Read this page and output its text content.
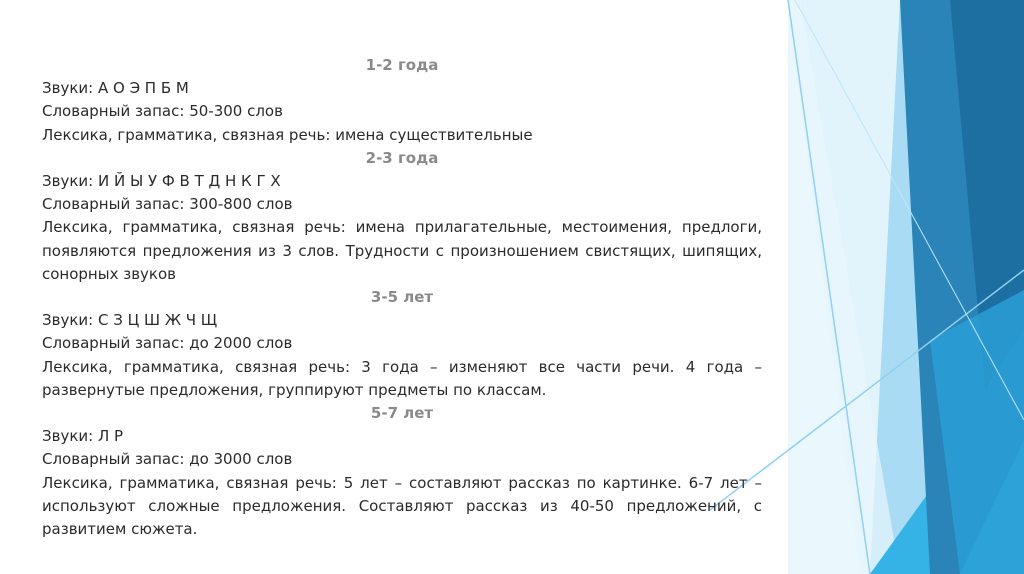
1-2 года
Звуки: А О Э П Б М
Словарный запас: 50-300 слов
Лексика, грамматика, связная речь: имена существительные
2-3 года
Звуки: И Й Ы У Ф В Т Д Н К Г Х
Словарный запас: 300-800 слов
Лексика, грамматика, связная речь: имена прилагательные, местоимения, предлоги, появляются предложения из 3 слов. Трудности с произношением свистящих, шипящих, сонорных звуков
3-5 лет
Звуки: С З Ц Ш Ж Ч Щ
Словарный запас: до 2000 слов
Лексика, грамматика, связная речь: 3 года – изменяют все части речи. 4 года – развернутые предложения, группируют предметы по классам.
5-7 лет
Звуки: Л Р
Словарный запас: до 3000 слов
Лексика, грамматика, связная речь: 5 лет – составляют рассказ по картинке. 6-7 лет – используют сложные предложения. Составляют рассказ из 40-50 предложений, с развитием сюжета.
